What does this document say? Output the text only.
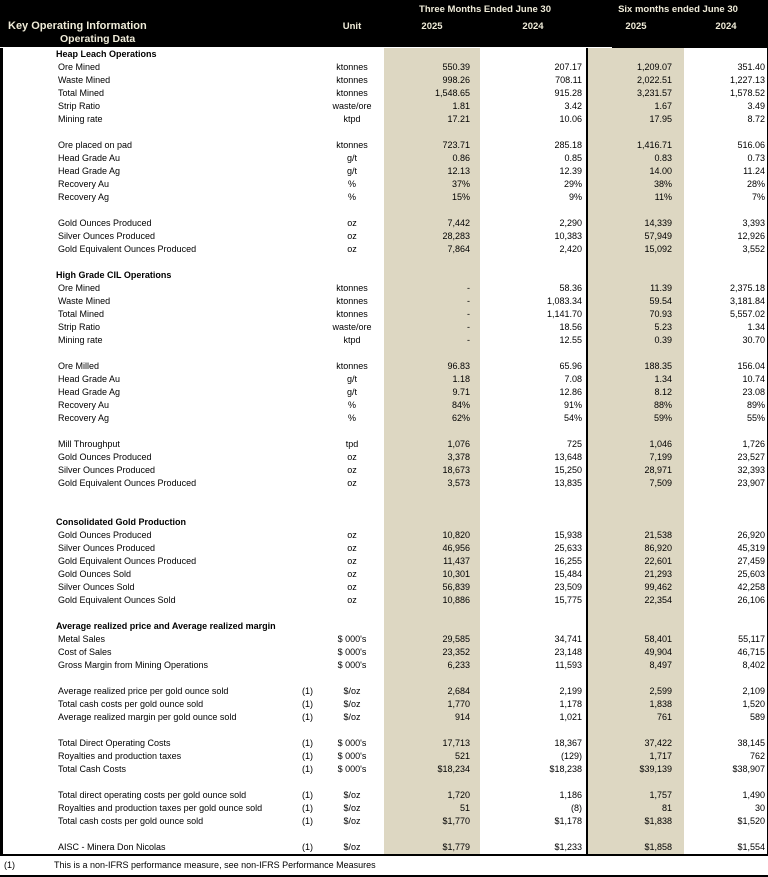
Three Months Ended June 30	Six months ended June 30
Key Operating Information	Unit	2025	2024	2025	2024
Operating Data
Heap Leach Operations
Ore Mined	ktonnes	550.39	207.17	1,209.07	351.40
Waste Mined	ktonnes	998.26	708.11	2,022.51	1,227.13
Total Mined	ktonnes	1,548.65	915.28	3,231.57	1,578.52
Strip Ratio	waste/ore	1.81	3.42	1.67	3.49
Mining rate	ktpd	17.21	10.06	17.95	8.72
Ore placed on pad	ktonnes	723.71	285.18	1,416.71	516.06
Head Grade Au	g/t	0.86	0.85	0.83	0.73
Head Grade Ag	g/t	12.13	12.39	14.00	11.24
Recovery Au	%	37%	29%	38%	28%
Recovery Ag	%	15%	9%	11%	7%
Gold Ounces Produced	oz	7,442	2,290	14,339	3,393
Silver Ounces Produced	oz	28,283	10,383	57,949	12,926
Gold Equivalent Ounces Produced	oz	7,864	2,420	15,092	3,552
High Grade CIL Operations
Ore Mined	ktonnes	-	58.36	11.39	2,375.18
Waste Mined	ktonnes	-	1,083.34	59.54	3,181.84
Total Mined	ktonnes	-	1,141.70	70.93	5,557.02
Strip Ratio	waste/ore	-	18.56	5.23	1.34
Mining rate	ktpd	-	12.55	0.39	30.70
Ore Milled	ktonnes	96.83	65.96	188.35	156.04
Head Grade Au	g/t	1.18	7.08	1.34	10.74
Head Grade Ag	g/t	9.71	12.86	8.12	23.08
Recovery Au	%	84%	91%	88%	89%
Recovery Ag	%	62%	54%	59%	55%
Mill Throughput	tpd	1,076	725	1,046	1,726
Gold Ounces Produced	oz	3,378	13,648	7,199	23,527
Silver Ounces Produced	oz	18,673	15,250	28,971	32,393
Gold Equivalent Ounces Produced	oz	3,573	13,835	7,509	23,907
Consolidated Gold Production
Gold Ounces Produced	oz	10,820	15,938	21,538	26,920
Silver Ounces Produced	oz	46,956	25,633	86,920	45,319
Gold Equivalent Ounces Produced	oz	11,437	16,255	22,601	27,459
Gold Ounces Sold	oz	10,301	15,484	21,293	25,603
Silver Ounces Sold	oz	56,839	23,509	99,462	42,258
Gold Equivalent Ounces Sold	oz	10,886	15,775	22,354	26,106
Average realized price and Average realized margin
Metal Sales	$ 000's	29,585	34,741	58,401	55,117
Cost of Sales	$ 000's	23,352	23,148	49,904	46,715
Gross Margin from Mining Operations	$ 000's	6,233	11,593	8,497	8,402
Average realized price per gold ounce sold	(1)	$/oz	2,684	2,199	2,599	2,109
Total cash costs per gold ounce sold	(1)	$/oz	1,770	1,178	1,838	1,520
Average realized margin per gold ounce sold	(1)	$/oz	914	1,021	761	589
Total Direct Operating Costs	(1)	$ 000's	17,713	18,367	37,422	38,145
Royalties and production taxes	(1)	$ 000's	521	(129)	1,717	762
Total Cash Costs	(1)	$ 000's	$18,234	$18,238	$39,139	$38,907
Total direct operating costs per gold ounce sold	(1)	$/oz	1,720	1,186	1,757	1,490
Royalties and production taxes per gold ounce sold	(1)	$/oz	51	(8)	81	30
Total cash costs per gold ounce sold	(1)	$/oz	$1,770	$1,178	$1,838	$1,520
AISC - Minera Don Nicolas	(1)	$/oz	$1,779	$1,233	$1,858	$1,554
(1)	This is a non-IFRS performance measure, see non-IFRS Performance Measures
